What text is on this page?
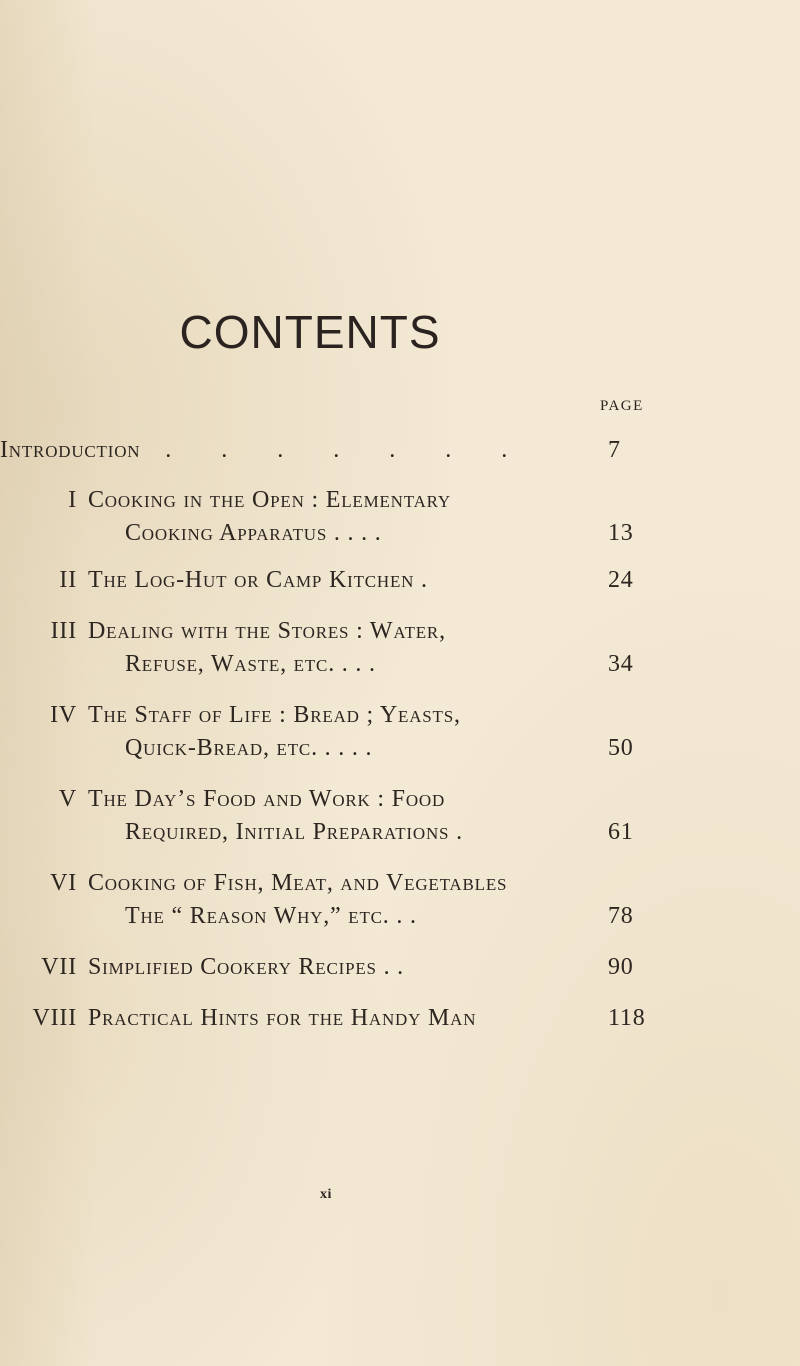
CONTENTS
PAGE
Introduction . . . . . . .	7
I Cooking in the Open : Elementary
Cooking Apparatus . . . .	13
II The Log-Hut or Camp Kitchen .	24
III Dealing with the Stores : Water,
Refuse, Waste, etc. . . .	34
IV The Staff of Life : Bread ; Yeasts,
Quick-Bread, etc. . . . .	50
V The Day’s Food and Work : Food
Required, Initial Preparations .	61
VI Cooking of Fish, Meat, and Vegetables
The “ Reason Why,” etc. . .	78
VII Simplified Cookery Recipes . .	90
VIII Practical Hints for the Handy Man	118
xi
